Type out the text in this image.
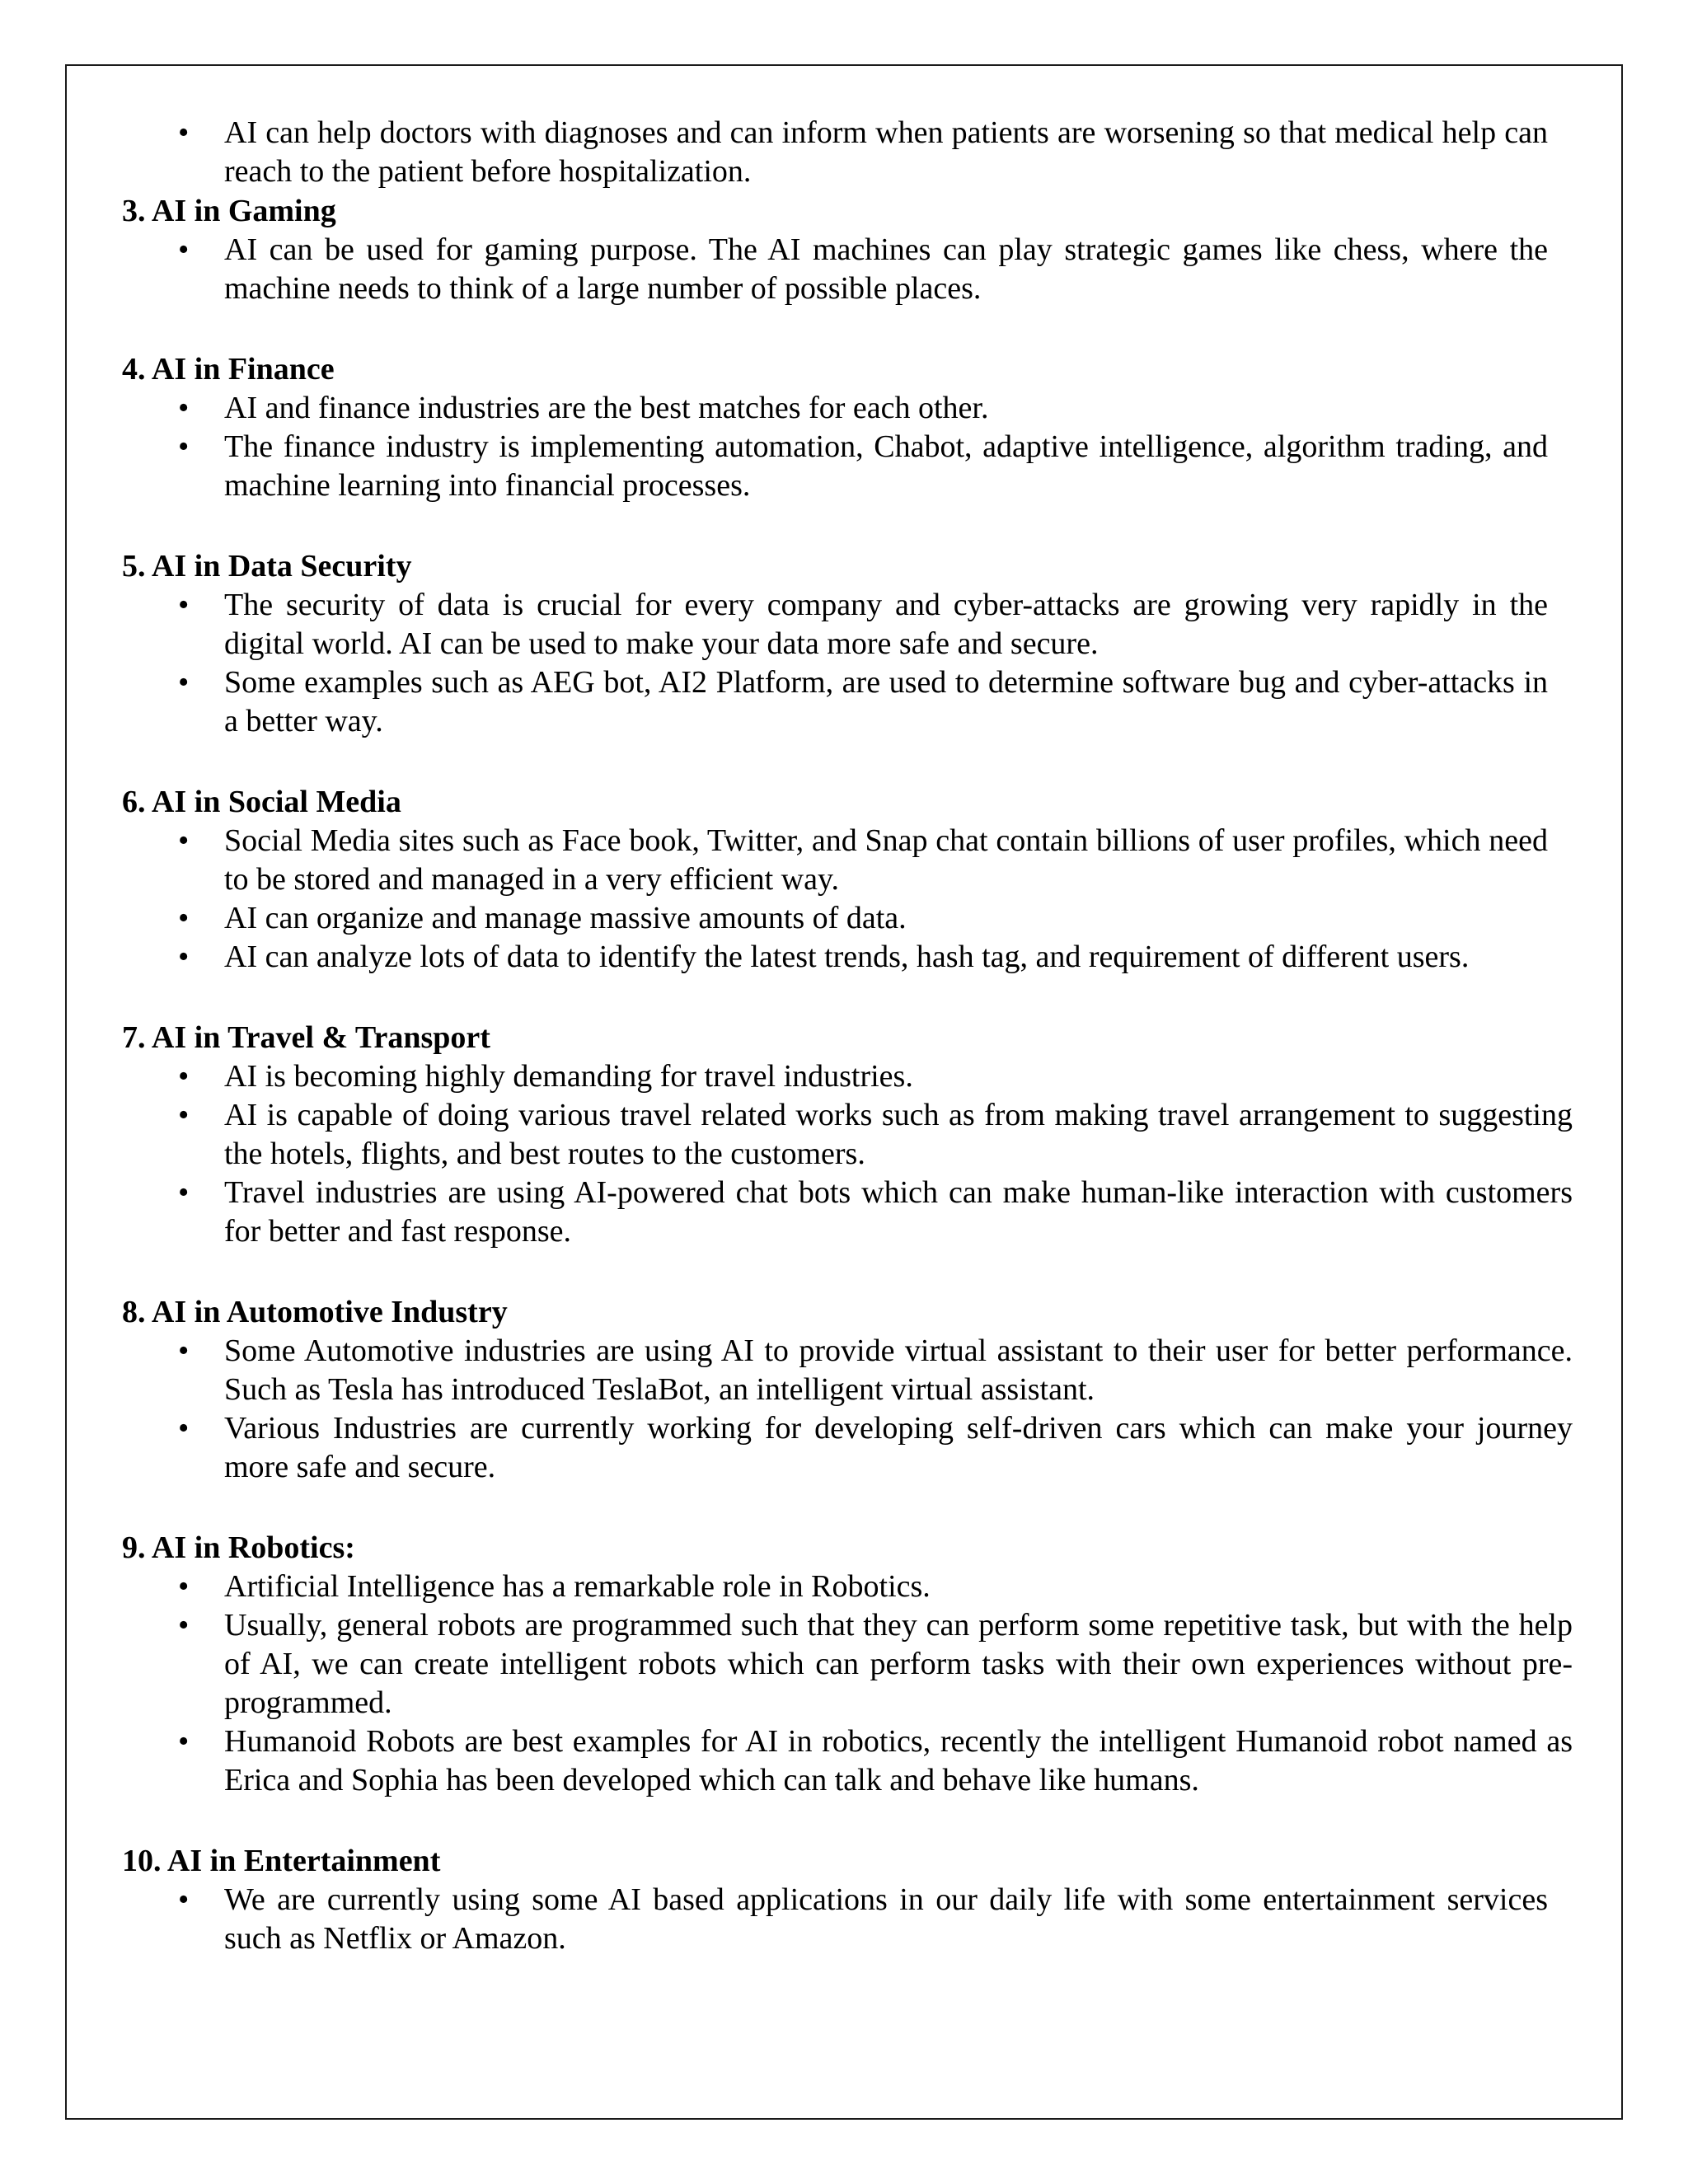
•	AI can help doctors with diagnoses and can inform when patients are worsening so that medical help can reach to the patient before hospitalization.

3. AI in Gaming

•	AI can be used for gaming purpose. The AI machines can play strategic games like chess, where the machine needs to think of a large number of possible places.

4. AI in Finance

•	AI and finance industries are the best matches for each other.
•	The finance industry is implementing automation, Chabot, adaptive intelligence, algorithm trading, and machine learning into financial processes.

5. AI in Data Security

•	The security of data is crucial for every company and cyber-attacks are growing very rapidly in the digital world. AI can be used to make your data more safe and secure.
•	Some examples such as AEG bot, AI2 Platform, are used to determine software bug and cyber-attacks in a better way.

6. AI in Social Media

•	Social Media sites such as Face book, Twitter, and Snap chat contain billions of user profiles, which need to be stored and managed in a very efficient way.
•	AI can organize and manage massive amounts of data.
•	AI can analyze lots of data to identify the latest trends, hash tag, and requirement of different users.

7. AI in Travel & Transport

•	AI is becoming highly demanding for travel industries.
•	AI is capable of doing various travel related works such as from making travel arrangement to suggesting the hotels, flights, and best routes to the customers.
•	Travel industries are using AI-powered chat bots which can make human-like interaction with customers for better and fast response.

8. AI in Automotive Industry

•	Some Automotive industries are using AI to provide virtual assistant to their user for better performance. Such as Tesla has introduced TeslaBot, an intelligent virtual assistant.
•	Various Industries are currently working for developing self-driven cars which can make your journey more safe and secure.

9. AI in Robotics:

•	Artificial Intelligence has a remarkable role in Robotics.
•	Usually, general robots are programmed such that they can perform some repetitive task, but with the help of AI, we can create intelligent robots which can perform tasks with their own experiences without pre-programmed.
•	Humanoid Robots are best examples for AI in robotics, recently the intelligent Humanoid robot named as Erica and Sophia has been developed which can talk and behave like humans.

10. AI in Entertainment

•	We are currently using some AI based applications in our daily life with some entertainment services such as Netflix or Amazon.
